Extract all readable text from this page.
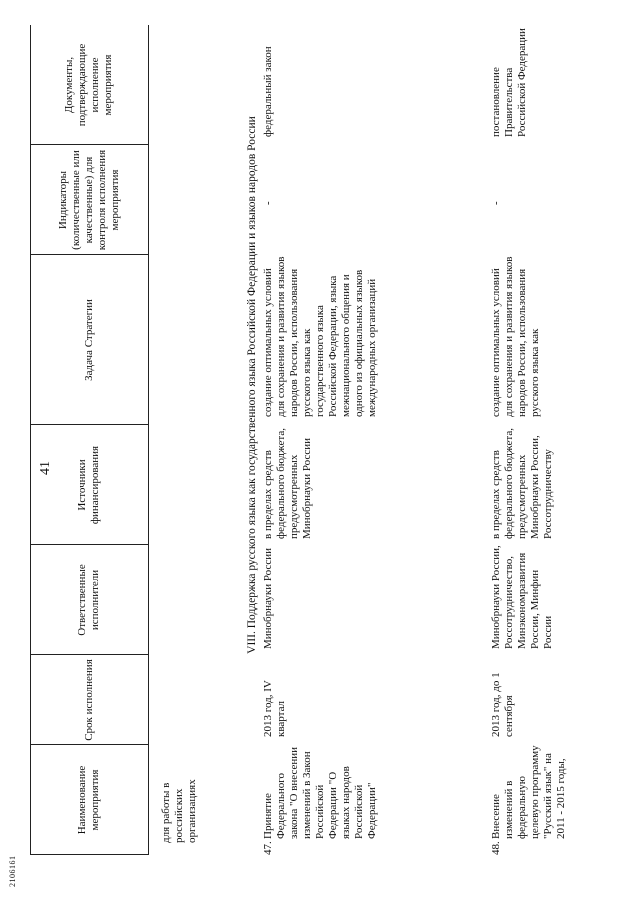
41
2106161
Наименование мероприятия
Срок исполнения
Ответственные исполнители
Источники финансирования
Задача Стратегии
Индикаторы (количественные или качественные) для контроля исполнения мероприятия
Документы, подтверждающие исполнение мероприятия
для работы в российских организациях
VIII. Поддержка русского языка как государственного языка Российской Федерации и языков народов России
47.
Принятие Федерального закона "О внесении изменений в Закон Российской Федерации "О языках народов Российской Федерации"
2013 год, IV квартал
Минобрнауки России
в пределах средств федерального бюджета, предусмотренных Минобрнауки России
создание оптимальных условий для сохранения и развития языков народов России, использования русского языка как государственного языка Российской Федерации, языка межнационального общения и одного из официальных языков международных организаций
-
федеральный закон
48.
Внесение изменений в федеральную целевую программу "Русский язык" на 2011 - 2015 годы,
2013 год, до 1 сентября
Минобрнауки России, Россотрудничество, Минэкономразвития России, Минфин России
в пределах средств федерального бюджета, предусмотренных Минобрнауки России, Россотрудничеству
создание оптимальных условий для сохранения и развития языков народов России, использования русского языка как
-
постановление Правительства Российской Федерации
